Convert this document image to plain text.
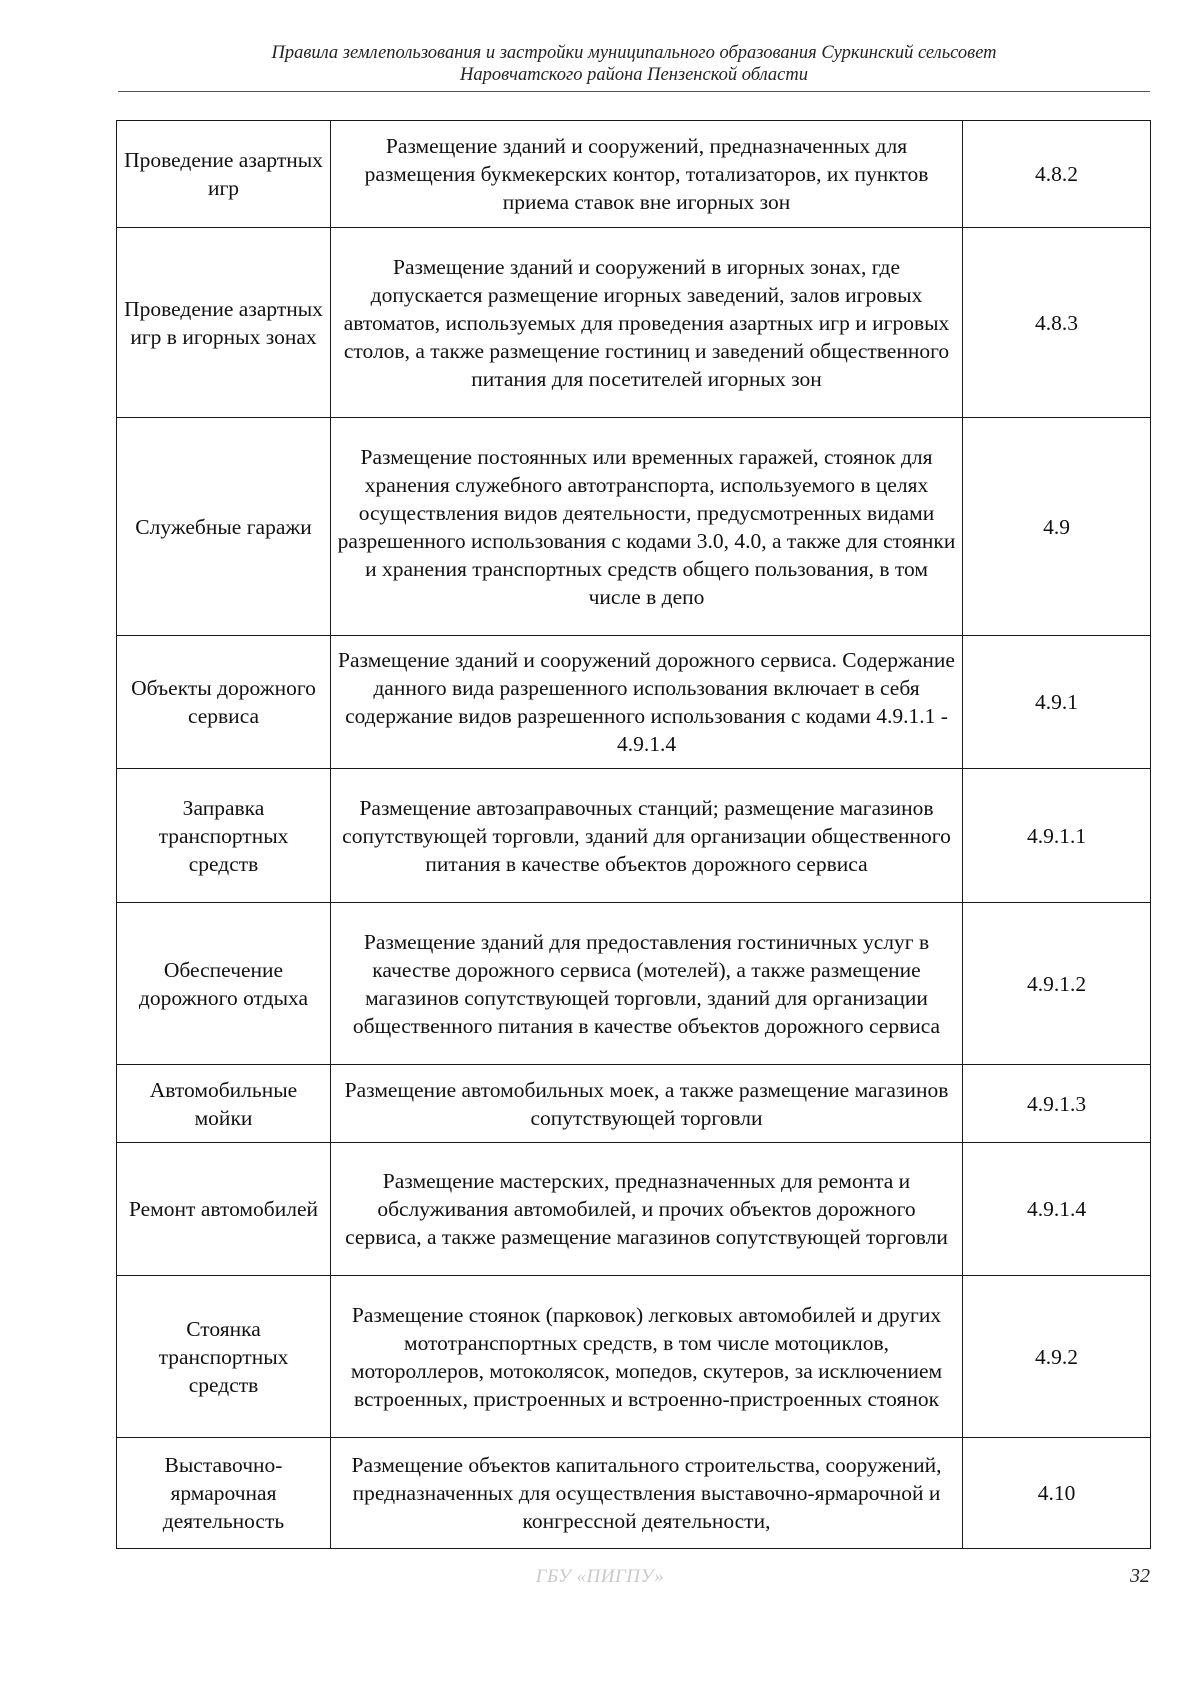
Правила землепользования и застройки муниципального образования Суркинский сельсовет
Наровчатского района Пензенской области
Проведение азартных игр	Размещение зданий и сооружений, предназначенных для размещения букмекерских контор, тотализаторов, их пунктов приема ставок вне игорных зон	4.8.2
Проведение азартных игр в игорных зонах	Размещение зданий и сооружений в игорных зонах, где допускается размещение игорных заведений, залов игровых автоматов, используемых для проведения азартных игр и игровых столов, а также размещение гостиниц и заведений общественного питания для посетителей игорных зон	4.8.3
Служебные гаражи	Размещение постоянных или временных гаражей, стоянок для хранения служебного автотранспорта, используемого в целях осуществления видов деятельности, предусмотренных видами разрешенного использования с кодами 3.0, 4.0, а также для стоянки и хранения транспортных средств общего пользования, в том числе в депо	4.9
Объекты дорожного сервиса	Размещение зданий и сооружений дорожного сервиса. Содержание данного вида разрешенного использования включает в себя содержание видов разрешенного использования с кодами 4.9.1.1 - 4.9.1.4	4.9.1
Заправка транспортных средств	Размещение автозаправочных станций; размещение магазинов сопутствующей торговли, зданий для организации общественного питания в качестве объектов дорожного сервиса	4.9.1.1
Обеспечение дорожного отдыха	Размещение зданий для предоставления гостиничных услуг в качестве дорожного сервиса (мотелей), а также размещение магазинов сопутствующей торговли, зданий для организации общественного питания в качестве объектов дорожного сервиса	4.9.1.2
Автомобильные мойки	Размещение автомобильных моек, а также размещение магазинов сопутствующей торговли	4.9.1.3
Ремонт автомобилей	Размещение мастерских, предназначенных для ремонта и обслуживания автомобилей, и прочих объектов дорожного сервиса, а также размещение магазинов сопутствующей торговли	4.9.1.4
Стоянка транспортных средств	Размещение стоянок (парковок) легковых автомобилей и других мототранспортных средств, в том числе мотоциклов, мотороллеров, мотоколясок, мопедов, скутеров, за исключением встроенных, пристроенных и встроенно-пристроенных стоянок	4.9.2
Выставочно-ярмарочная деятельность	Размещение объектов капитального строительства, сооружений, предназначенных для осуществления выставочно-ярмарочной и конгрессной деятельности,	4.10
ГБУ «ПИГПУ»	32
